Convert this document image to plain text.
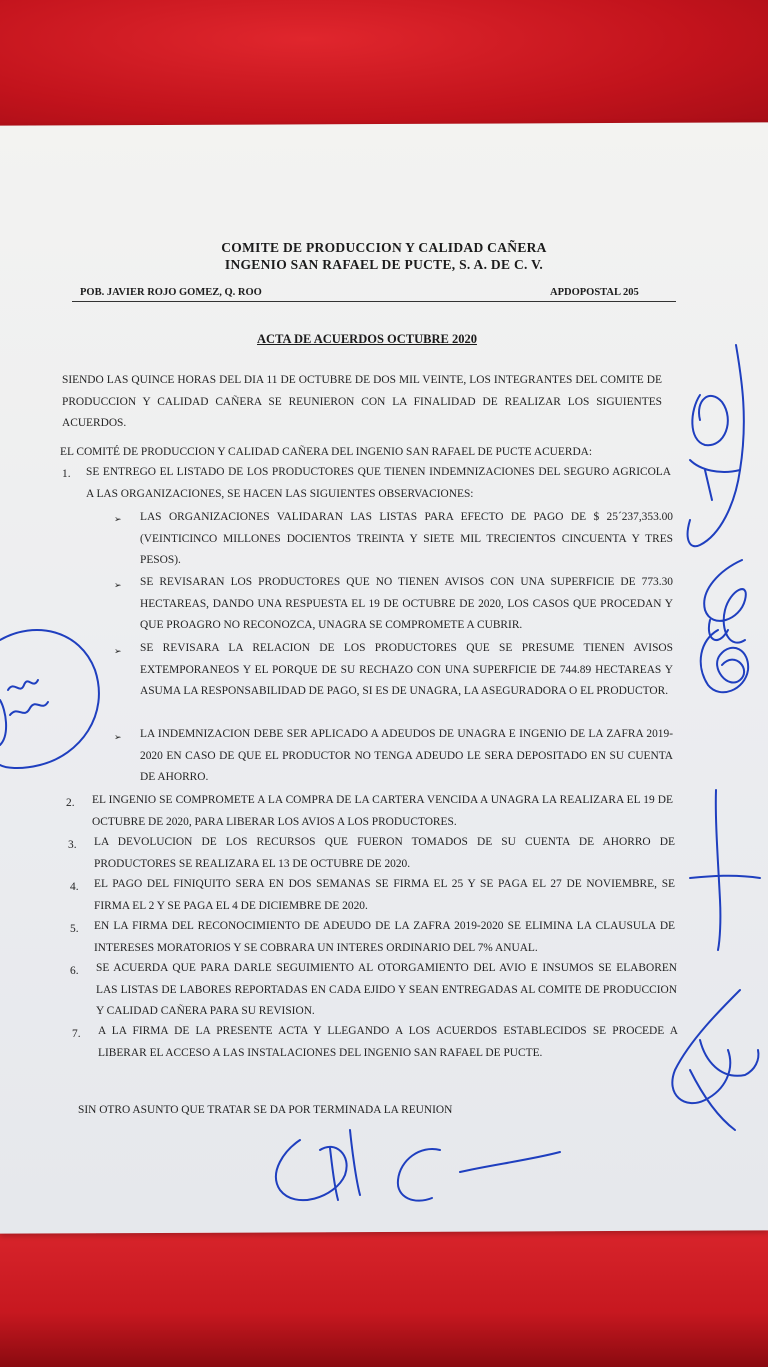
COMITE DE PRODUCCION Y CALIDAD CAÑERA
INGENIO SAN RAFAEL DE PUCTE, S. A. DE C. V.
POB. JAVIER ROJO GOMEZ, Q. ROO	APDOPOSTAL 205
ACTA DE ACUERDOS OCTUBRE 2020
SIENDO LAS QUINCE HORAS DEL DIA 11 DE OCTUBRE DE DOS MIL VEINTE, LOS INTEGRANTES DEL COMITE DE PRODUCCION Y CALIDAD CAÑERA SE REUNIERON CON LA FINALIDAD DE REALIZAR LOS SIGUIENTES ACUERDOS.
EL COMITÉ DE PRODUCCION Y CALIDAD CAÑERA DEL INGENIO SAN RAFAEL DE PUCTE ACUERDA:
1. SE ENTREGO EL LISTADO DE LOS PRODUCTORES QUE TIENEN INDEMNIZACIONES DEL SEGURO AGRICOLA A LAS ORGANIZACIONES, SE HACEN LAS SIGUIENTES OBSERVACIONES:
➢ LAS ORGANIZACIONES VALIDARAN LAS LISTAS PARA EFECTO DE PAGO DE $ 25´237,353.00 (VEINTICINCO MILLONES DOCIENTOS TREINTA Y SIETE MIL TRECIENTOS CINCUENTA Y TRES PESOS).
➢ SE REVISARAN LOS PRODUCTORES QUE NO TIENEN AVISOS CON UNA SUPERFICIE DE 773.30 HECTAREAS, DANDO UNA RESPUESTA EL 19 DE OCTUBRE DE 2020, LOS CASOS QUE PROCEDAN Y QUE PROAGRO NO RECONOZCA, UNAGRA SE COMPROMETE A CUBRIR.
➢ SE REVISARA LA RELACION DE LOS PRODUCTORES QUE SE PRESUME TIENEN AVISOS EXTEMPORANEOS Y EL PORQUE DE SU RECHAZO CON UNA SUPERFICIE DE 744.89 HECTAREAS Y ASUMA LA RESPONSABILIDAD DE PAGO, SI ES DE UNAGRA, LA ASEGURADORA O EL PRODUCTOR.
➢ LA INDEMNIZACION DEBE SER APLICADO A ADEUDOS DE UNAGRA E INGENIO DE LA ZAFRA 2019-2020 EN CASO DE QUE EL PRODUCTOR NO TENGA ADEUDO LE SERA DEPOSITADO EN SU CUENTA DE AHORRO.
2. EL INGENIO SE COMPROMETE A LA COMPRA DE LA CARTERA VENCIDA A UNAGRA LA REALIZARA EL 19 DE OCTUBRE DE 2020, PARA LIBERAR LOS AVIOS A LOS PRODUCTORES.
3. LA DEVOLUCION DE LOS RECURSOS QUE FUERON TOMADOS DE SU CUENTA DE AHORRO DE PRODUCTORES SE REALIZARA EL 13 DE OCTUBRE DE 2020.
4. EL PAGO DEL FINIQUITO SERA EN DOS SEMANAS SE FIRMA EL 25 Y SE PAGA EL 27 DE NOVIEMBRE, SE FIRMA EL 2 Y SE PAGA EL 4 DE DICIEMBRE DE 2020.
5. EN LA FIRMA DEL RECONOCIMIENTO DE ADEUDO DE LA ZAFRA 2019-2020 SE ELIMINA LA CLAUSULA DE INTERESES MORATORIOS Y SE COBRARA UN INTERES ORDINARIO DEL 7% ANUAL.
6. SE ACUERDA QUE PARA DARLE SEGUIMIENTO AL OTORGAMIENTO DEL AVIO E INSUMOS SE ELABOREN LAS LISTAS DE LABORES REPORTADAS EN CADA EJIDO Y SEAN ENTREGADAS AL COMITE DE PRODUCCION Y CALIDAD CAÑERA PARA SU REVISION.
7. A LA FIRMA DE LA PRESENTE ACTA Y LLEGANDO A LOS ACUERDOS ESTABLECIDOS SE PROCEDE A LIBERAR EL ACCESO A LAS INSTALACIONES DEL INGENIO SAN RAFAEL DE PUCTE.
SIN OTRO ASUNTO QUE TRATAR SE DA POR TERMINADA LA REUNION
